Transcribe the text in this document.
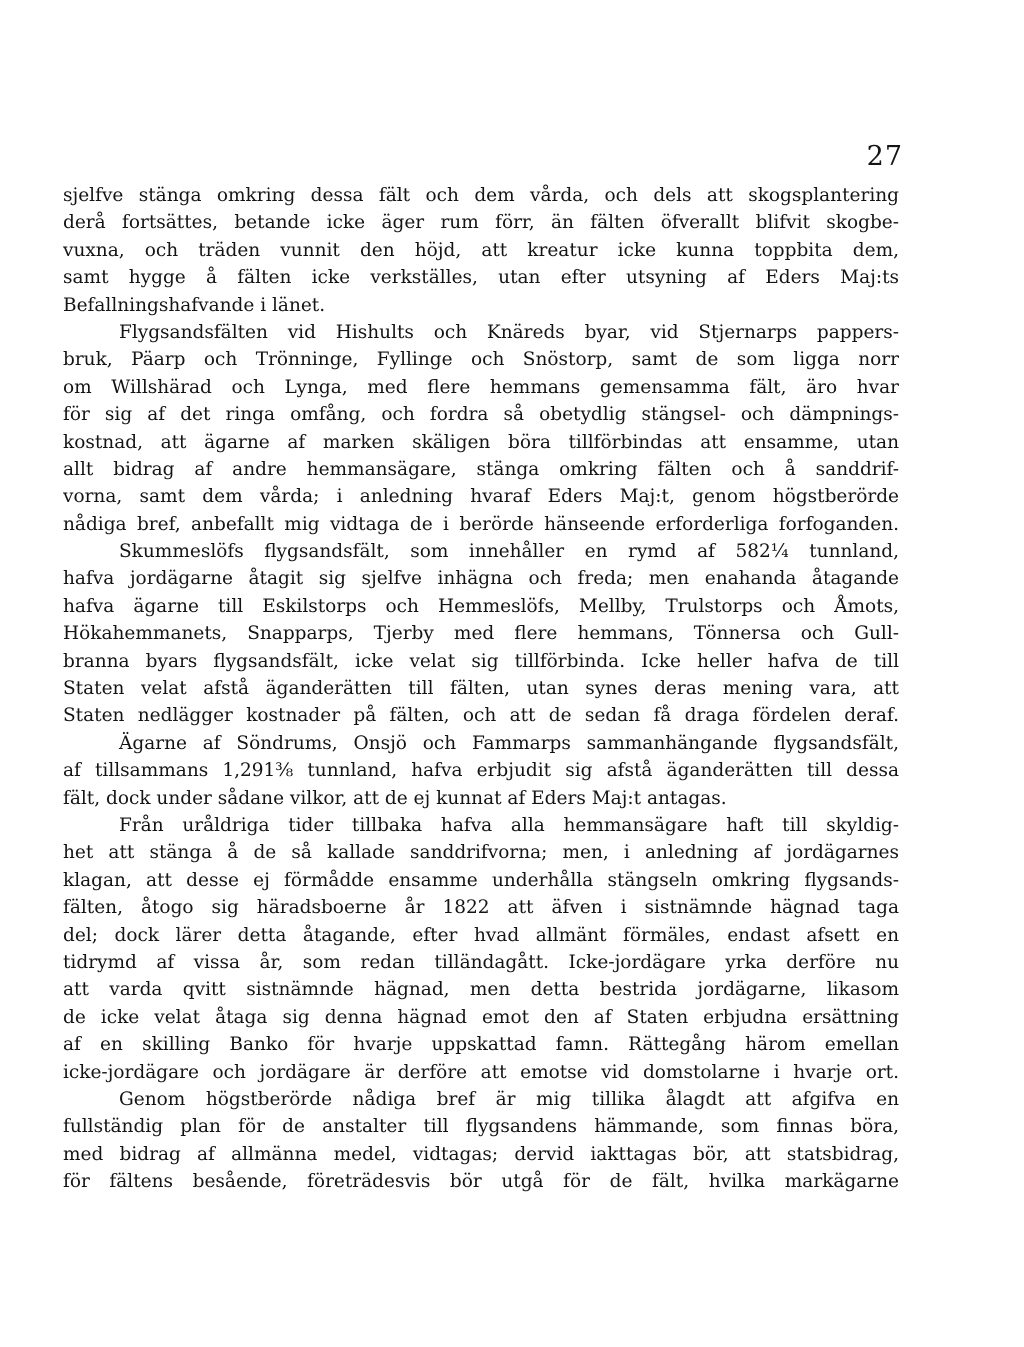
27
sjelfve stänga omkring dessa fält och dem vårda, och dels att skogsplantering
derå fortsättes, betande icke äger rum förr, än fälten öfverallt blifvit skogbe-
vuxna, och träden vunnit den höjd, att kreatur icke kunna toppbita dem,
samt hygge å fälten icke verkställes, utan efter utsyning af Eders Maj:ts
Befallningshafvande i länet.
Flygsandsfälten vid Hishults och Knäreds byar, vid Stjernarps pappers-
bruk, Päarp och Trönninge, Fyllinge och Snöstorp, samt de som ligga norr
om Willshärad och Lynga, med flere hemmans gemensamma fält, äro hvar
för sig af det ringa omfång, och fordra så obetydlig stängsel- och dämpnings-
kostnad, att ägarne af marken skäligen böra tillförbindas att ensamme, utan
allt bidrag af andre hemmansägare, stänga omkring fälten och å sanddrif-
vorna, samt dem vårda; i anledning hvaraf Eders Maj:t, genom högstberörde
nådiga bref, anbefallt mig vidtaga de i berörde hänseende erforderliga forfoganden.
Skummeslöfs flygsandsfält, som innehåller en rymd af 582¼ tunnland,
hafva jordägarne åtagit sig sjelfve inhägna och freda; men enahanda åtagande
hafva ägarne till Eskilstorps och Hemmeslöfs, Mellby, Trulstorps och Åmots,
Hökahemmanets, Snapparps, Tjerby med flere hemmans, Tönnersa och Gull-
branna byars flygsandsfält, icke velat sig tillförbinda. Icke heller hafva de till
Staten velat afstå äganderätten till fälten, utan synes deras mening vara, att
Staten nedlägger kostnader på fälten, och att de sedan få draga fördelen deraf.
Ägarne af Söndrums, Onsjö och Fammarps sammanhängande flygsandsfält,
af tillsammans 1,291⅜ tunnland, hafva erbjudit sig afstå äganderätten till dessa
fält, dock under sådane vilkor, att de ej kunnat af Eders Maj:t antagas.
Från uråldriga tider tillbaka hafva alla hemmansägare haft till skyldig-
het att stänga å de så kallade sanddrifvorna; men, i anledning af jordägarnes
klagan, att desse ej förmådde ensamme underhålla stängseln omkring flygsands-
fälten, åtogo sig häradsboerne år 1822 att äfven i sistnämnde hägnad taga
del; dock lärer detta åtagande, efter hvad allmänt förmäles, endast afsett en
tidrymd af vissa år, som redan tilländagått. Icke-jordägare yrka derföre nu
att varda qvitt sistnämnde hägnad, men detta bestrida jordägarne, likasom
de icke velat åtaga sig denna hägnad emot den af Staten erbjudna ersättning
af en skilling Banko för hvarje uppskattad famn. Rättegång härom emellan
icke-jordägare och jordägare är derföre att emotse vid domstolarne i hvarje ort.
Genom högstberörde nådiga bref är mig tillika ålagdt att afgifva en
fullständig plan för de anstalter till flygsandens hämmande, som finnas böra,
med bidrag af allmänna medel, vidtagas; dervid iakttagas bör, att statsbidrag,
för fältens besående, företrädesvis bör utgå för de fält, hvilka markägarne
